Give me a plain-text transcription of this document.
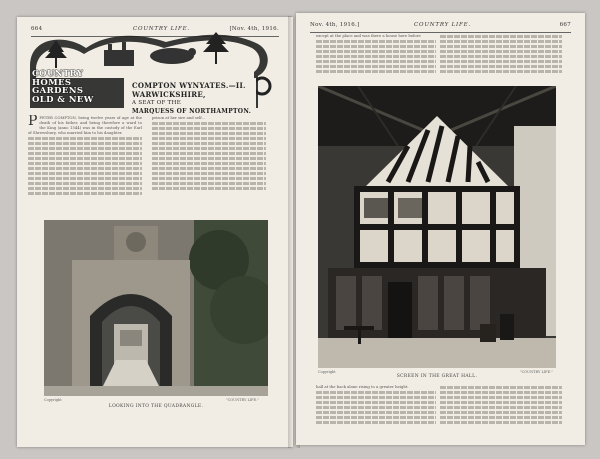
664	COUNTRY LIFE.	[Nov. 4th, 1916.
COUNTRY
HOMES
GARDENS
OLD & NEW
COMPTON WYNYATES.—II.
WARWICKSHIRE,
A SEAT OF THE
MARQUESS OF NORTHAMPTON.
P PETER COMPTON, being twelve years of age at the death of his father, and being therefore a ward to the King (anno 1544) was in the custody of the Earl of Shrewsbury, who married him to his daughter.
prison at her sire and self...
Copyright	"COUNTRY LIFE."
LOOKING INTO THE QUADRANGLE.
Nov. 4th, 1916.]	COUNTRY LIFE.	667
except at the place and was there a house here before
Copyright	"COUNTRY LIFE."
SCREEN IN THE GREAT HALL.
hall at the back alone rising to a greater height.
